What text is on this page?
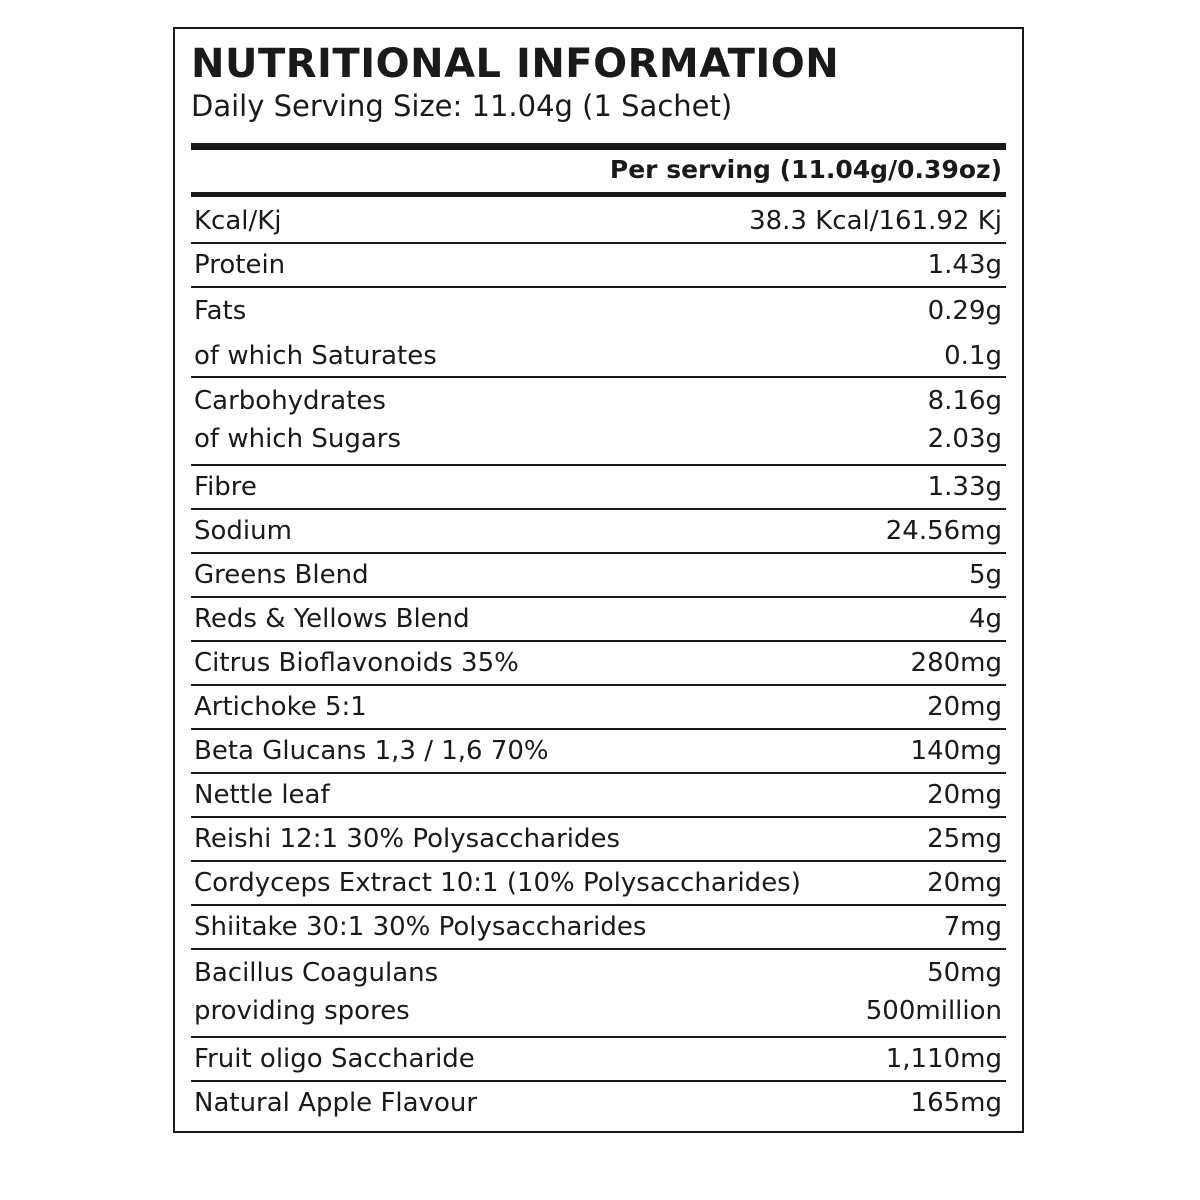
NUTRITIONAL INFORMATION
Daily Serving Size: 11.04g (1 Sachet)
Per serving (11.04g/0.39oz)
Kcal/Kj	38.3 Kcal/161.92 Kj
Protein	1.43g
Fats	0.29g
of which Saturates	0.1g
Carbohydrates	8.16g
of which Sugars	2.03g
Fibre	1.33g
Sodium	24.56mg
Greens Blend	5g
Reds & Yellows Blend	4g
Citrus Bioflavonoids 35%	280mg
Artichoke 5:1	20mg
Beta Glucans 1,3 / 1,6 70%	140mg
Nettle leaf	20mg
Reishi 12:1 30% Polysaccharides	25mg
Cordyceps Extract 10:1 (10% Polysaccharides)	20mg
Shiitake 30:1 30% Polysaccharides	7mg
Bacillus Coagulans	50mg
providing spores	500million
Fruit oligo Saccharide	1,110mg
Natural Apple Flavour	165mg
